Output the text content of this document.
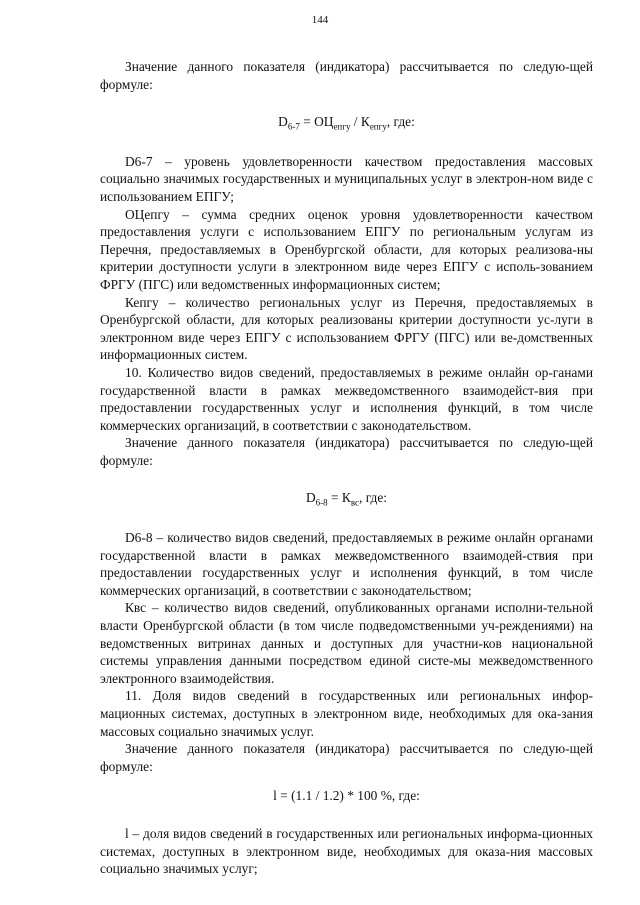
144

Значение данного показателя (индикатора) рассчитывается по следую-щей формуле:

$D_{6-7} = ОЦ_{епгу} / К_{епгу}$, где:

D6-7 – уровень удовлетворенности качеством предоставления массовых социально значимых государственных и муниципальных услуг в электрон-ном виде с использованием ЕПГУ;

ОЦепгу – сумма средних оценок уровня удовлетворенности качеством предоставления услуги с использованием ЕПГУ по региональным услугам из Перечня, предоставляемых в Оренбургской области, для которых реализова-ны критерии доступности услуги в электронном виде через ЕПГУ с исполь-зованием ФРГУ (ПГС) или ведомственных информационных систем;

Кепгу – количество региональных услуг из Перечня, предоставляемых в Оренбургской области, для которых реализованы критерии доступности ус-луги в электронном виде через ЕПГУ с использованием ФРГУ (ПГС) или ве-домственных информационных систем.

10. Количество видов сведений, предоставляемых в режиме онлайн ор-ганами государственной власти в рамках межведомственного взаимодейст-вия при предоставлении государственных услуг и исполнения функций, в том числе коммерческих организаций, в соответствии с законодательством.

Значение данного показателя (индикатора) рассчитывается по следую-щей формуле:

$D_{6-8} = К_{вс}$, где:

D6-8 – количество видов сведений, предоставляемых в режиме онлайн органами государственной власти в рамках межведомственного взаимодей-ствия при предоставлении государственных услуг и исполнения функций, в том числе коммерческих организаций, в соответствии с законодательством;

Квс – количество видов сведений, опубликованных органами исполни-тельной власти Оренбургской области (в том числе подведомственными уч-реждениями) на ведомственных витринах данных и доступных для участни-ков национальной системы управления данными посредством единой систе-мы межведомственного электронного взаимодействия.

11. Доля видов сведений в государственных или региональных инфор-мационных системах, доступных в электронном виде, необходимых для ока-зания массовых социально значимых услуг.

Значение данного показателя (индикатора) рассчитывается по следую-щей формуле:

l = (1.1 / 1.2) * 100 %, где:

l – доля видов сведений в государственных или региональных информа-ционных системах, доступных в электронном виде, необходимых для оказа-ния массовых социально значимых услуг;
